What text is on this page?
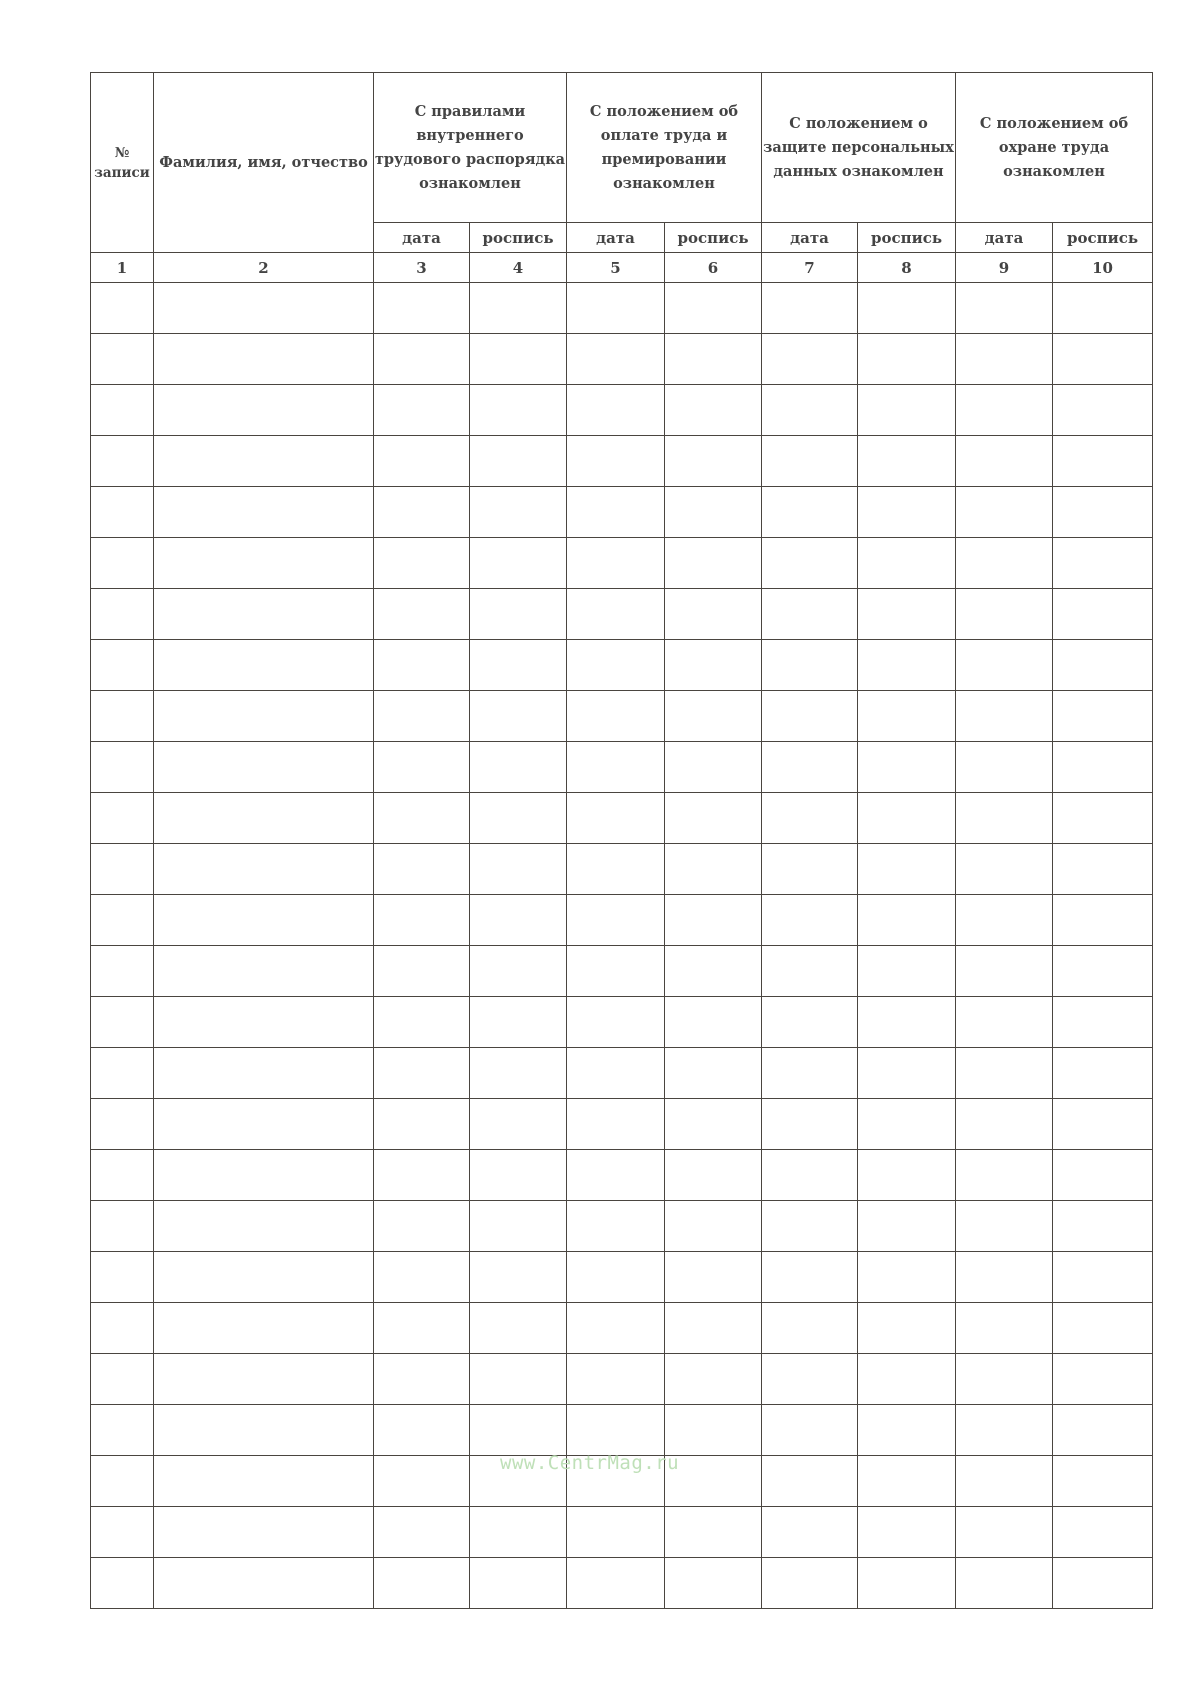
№ записи	Фамилия, имя, отчество	С правилами внутреннего трудового распорядка ознакомлен		С положением об оплате труда и премировании ознакомлен		С положением о защите персональных данных ознакомлен		С положением об охране труда ознакомлен	
		дата	роспись	дата	роспись	дата	роспись	дата	роспись
1	2	3	4	5	6	7	8	9	10

www.CentrMag.ru
